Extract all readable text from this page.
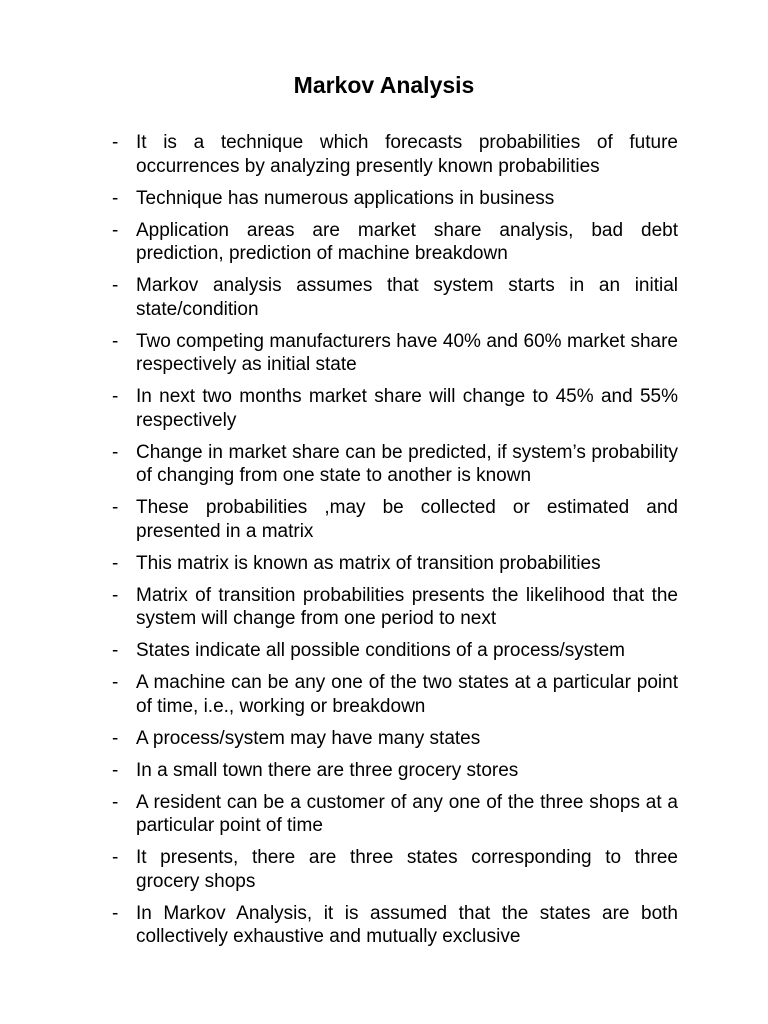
Markov Analysis
- It is a technique which forecasts probabilities of future occurrences by analyzing presently known probabilities
- Technique has numerous applications in business
- Application areas are market share analysis, bad debt prediction, prediction of machine breakdown
- Markov analysis assumes that system starts in an initial state/condition
- Two competing manufacturers have 40% and 60% market share respectively as initial state
- In next two months market share will change to 45% and 55% respectively
- Change in market share can be predicted, if system’s probability of changing from one state to another is known
- These probabilities ,may be collected or estimated and presented in a matrix
- This matrix is known as matrix of transition probabilities
- Matrix of transition probabilities presents the likelihood that the system will change from one period to next
- States indicate all possible conditions of a process/system
- A machine can be any one of the two states at a particular point of time, i.e., working or breakdown
- A process/system may have many states
- In a small town there are three grocery stores
- A resident can be a customer of any one of the three shops at a particular point of time
- It presents, there are three states corresponding to three grocery shops
- In Markov Analysis, it is assumed that the states are both collectively exhaustive and mutually exclusive
